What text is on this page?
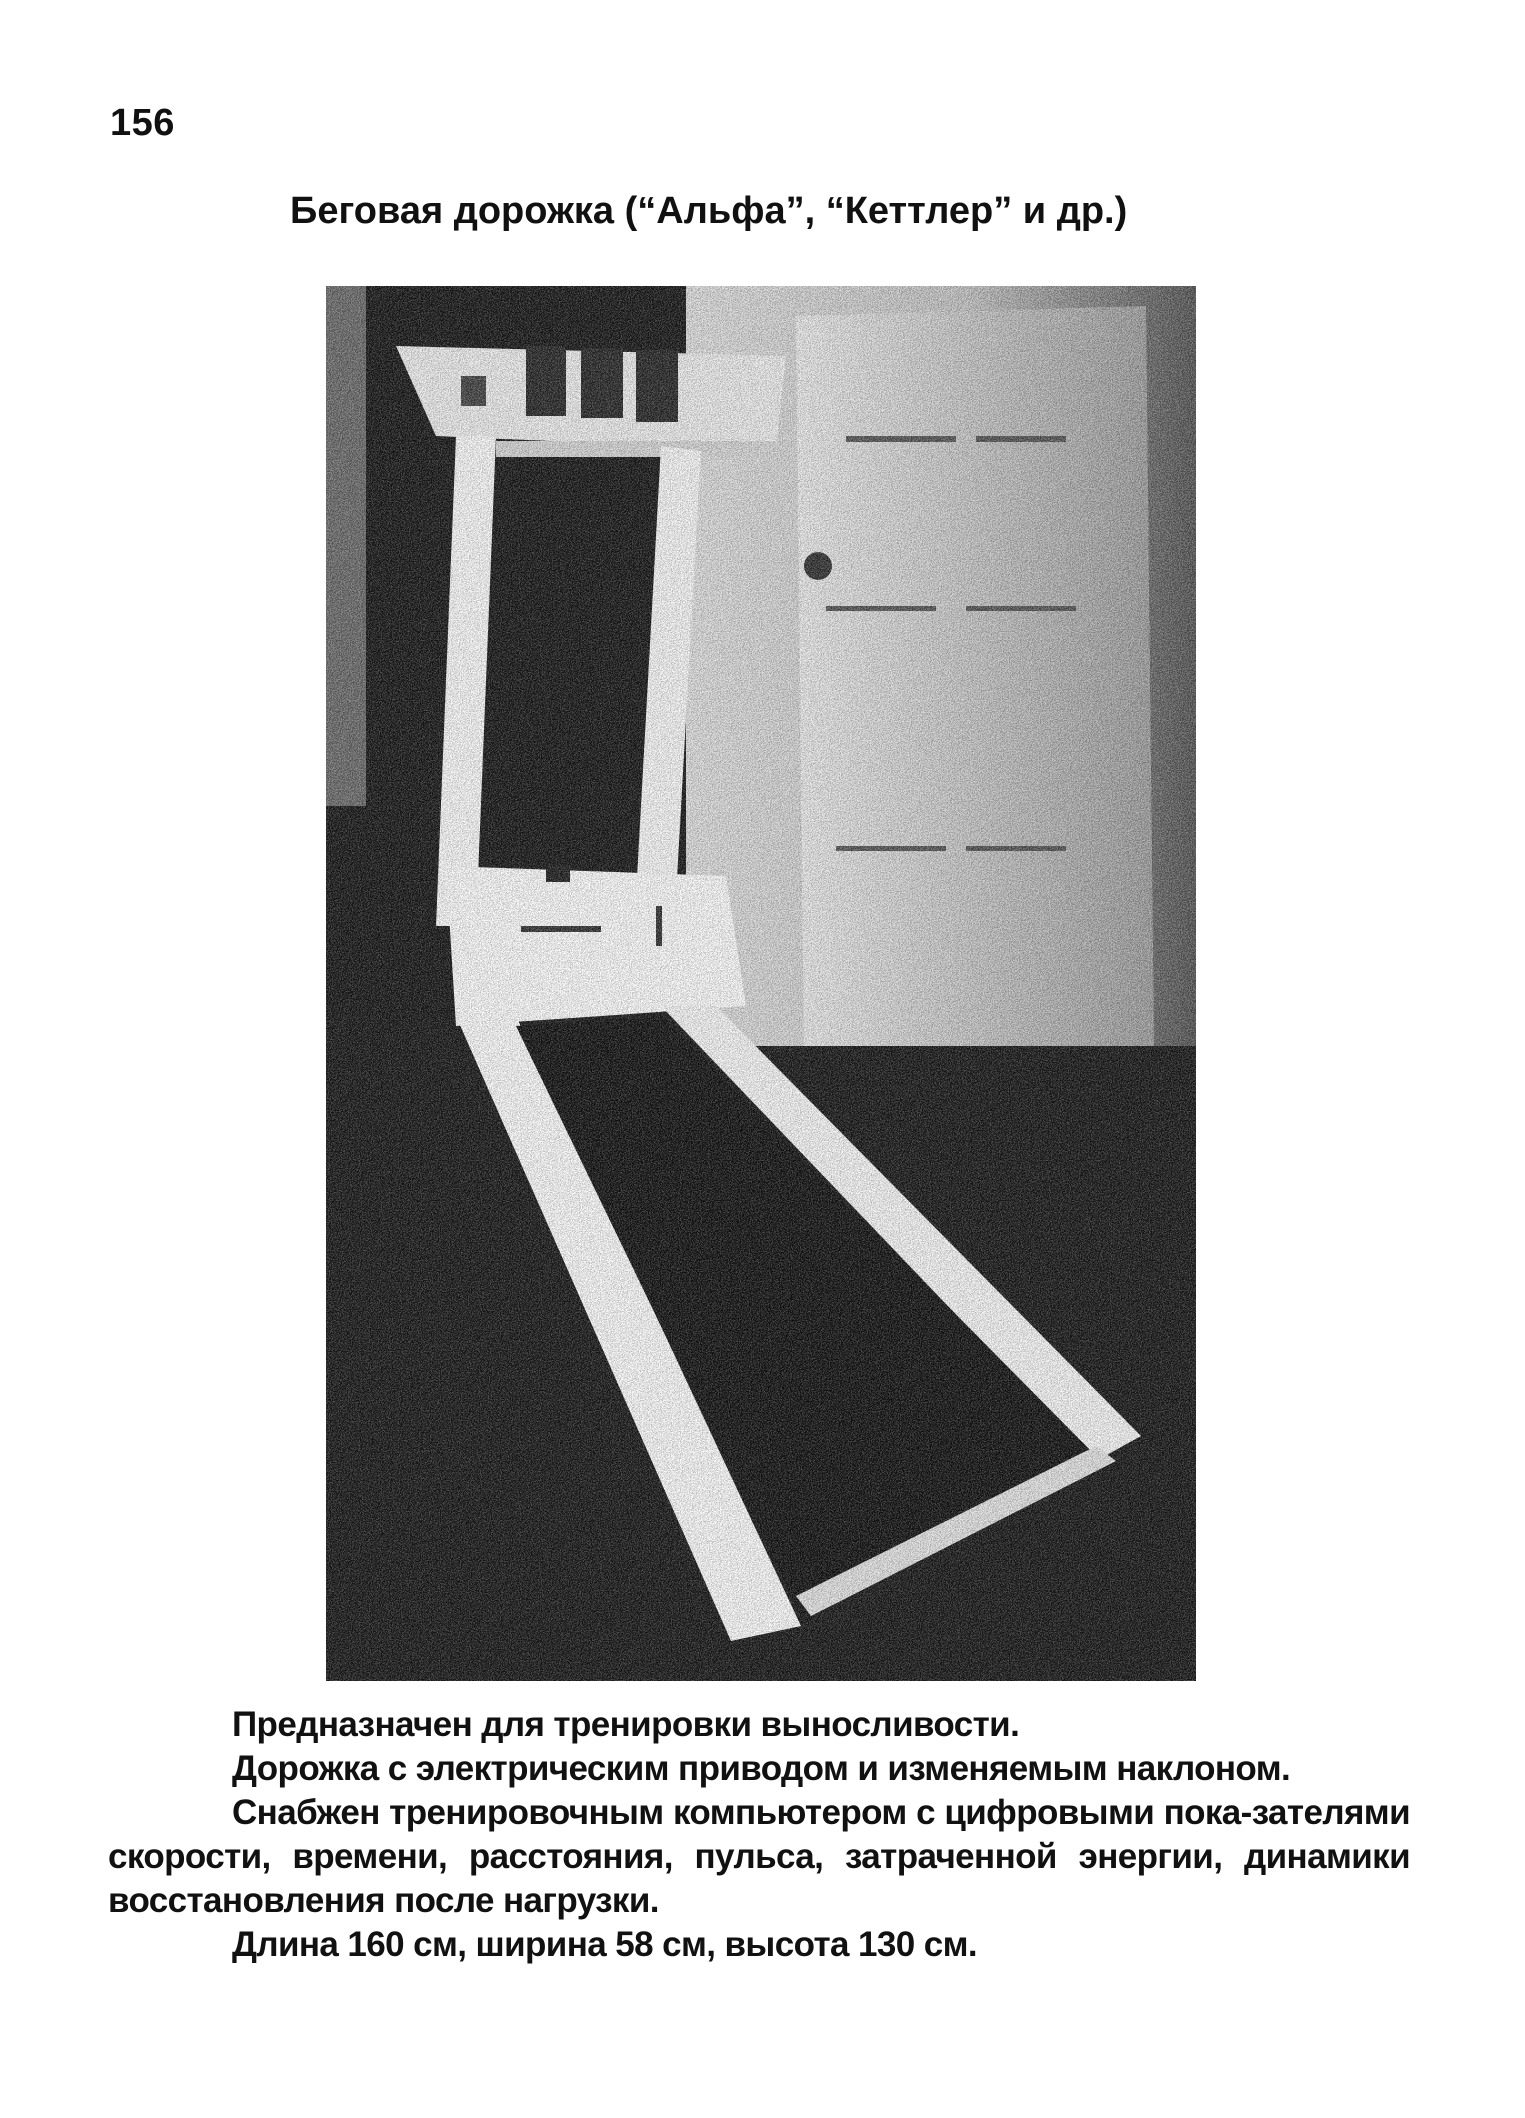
156
Беговая дорожка (“Альфа”, “Кеттлер” и др.)

Предназначен для тренировки выносливости.

Дорожка с электрическим приводом и изменяемым наклоном.

Снабжен тренировочным компьютером с цифровыми пока-зателями скорости, времени, расстояния, пульса, затраченной энергии, динамики восстановления после нагрузки.

Длина 160 см, ширина 58 см, высота 130 см.
